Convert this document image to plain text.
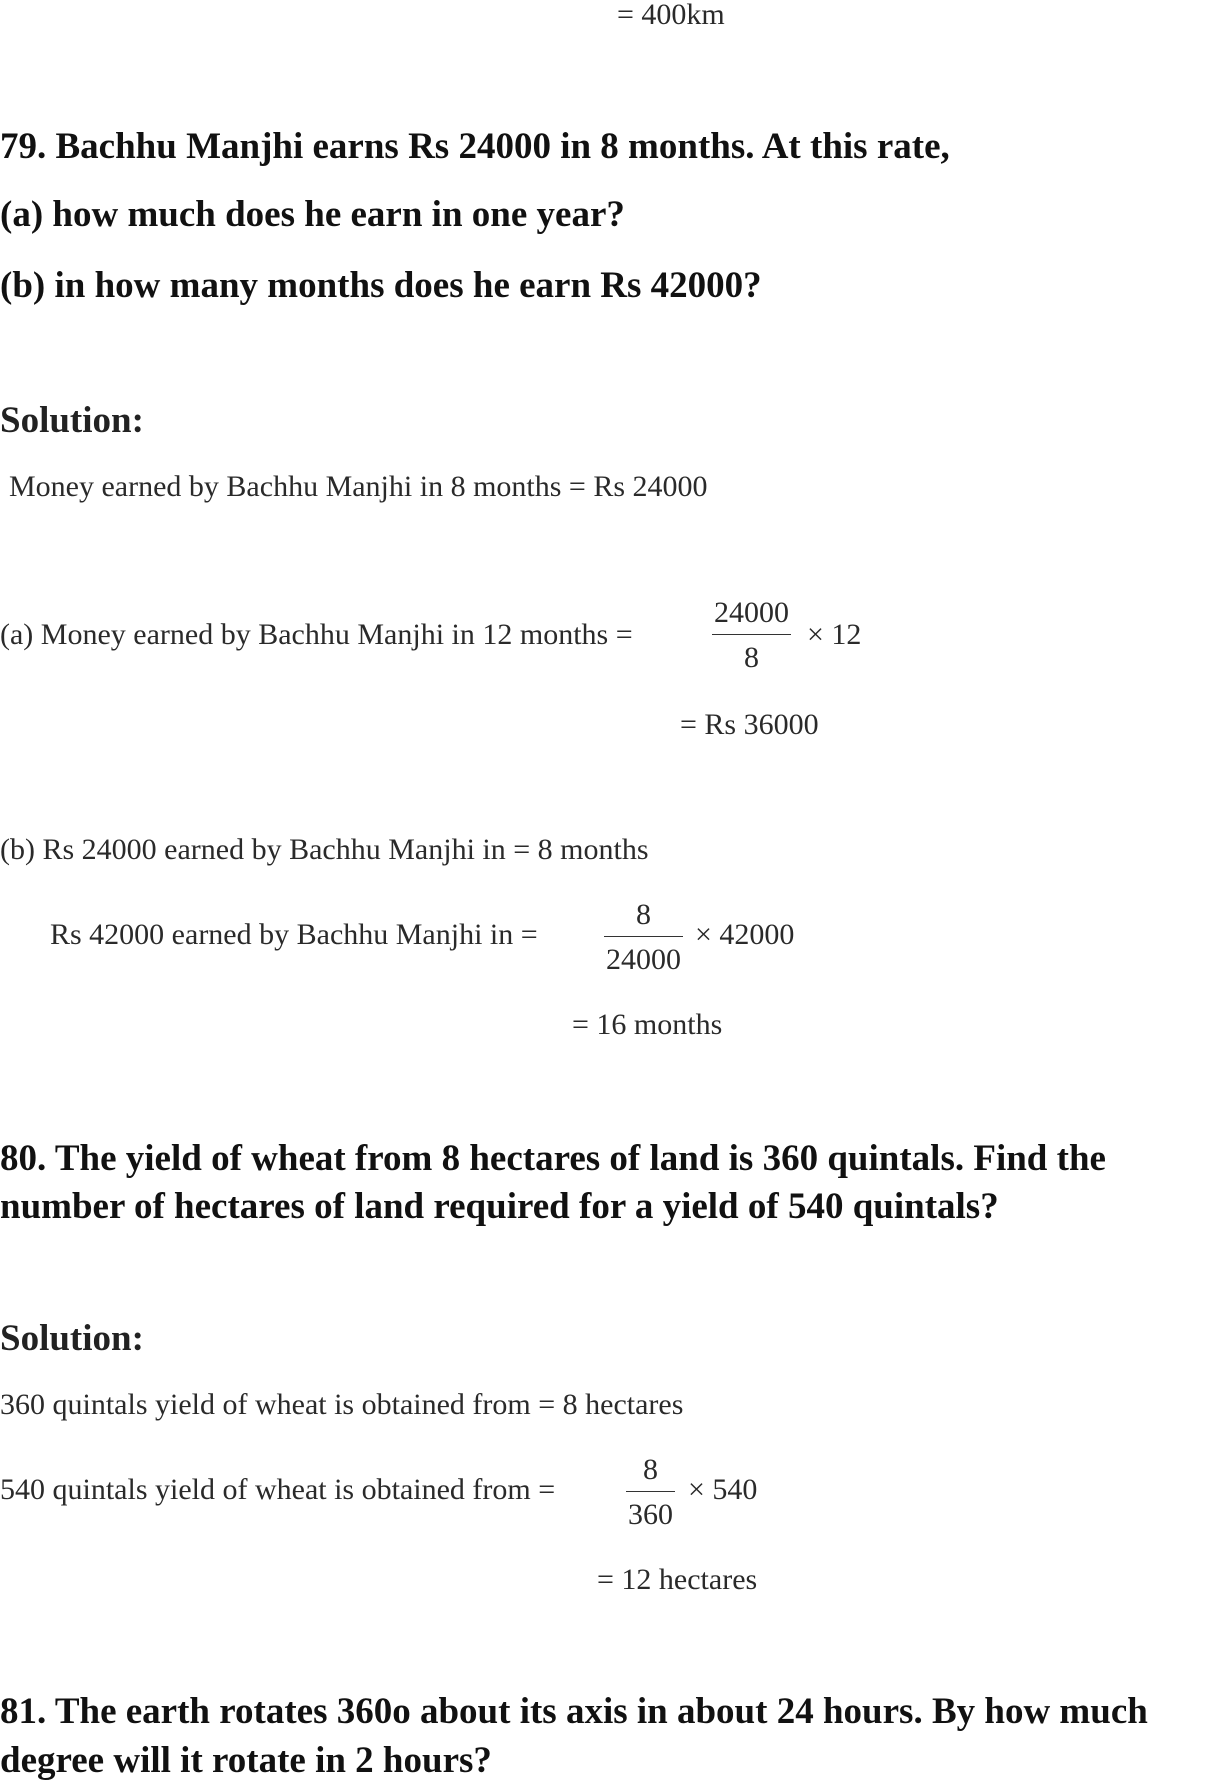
= 400km
79. Bachhu Manjhi earns Rs 24000 in 8 months. At this rate,
(a) how much does he earn in one year?
(b) in how many months does he earn Rs 42000?
Solution:
Money earned by Bachhu Manjhi in 8 months = Rs 24000
(a) Money earned by Bachhu Manjhi in 12 months =
24000
8
× 12
= Rs 36000
(b) Rs 24000 earned by Bachhu Manjhi in = 8 months
Rs 42000 earned by Bachhu Manjhi in =
8
24000
× 42000
= 16 months
80. The yield of wheat from 8 hectares of land is 360 quintals. Find the
number of hectares of land required for a yield of 540 quintals?
Solution:
360 quintals yield of wheat is obtained from = 8 hectares
540 quintals yield of wheat is obtained from =
8
360
× 540
= 12 hectares
81. The earth rotates 360o about its axis in about 24 hours. By how much
degree will it rotate in 2 hours?
